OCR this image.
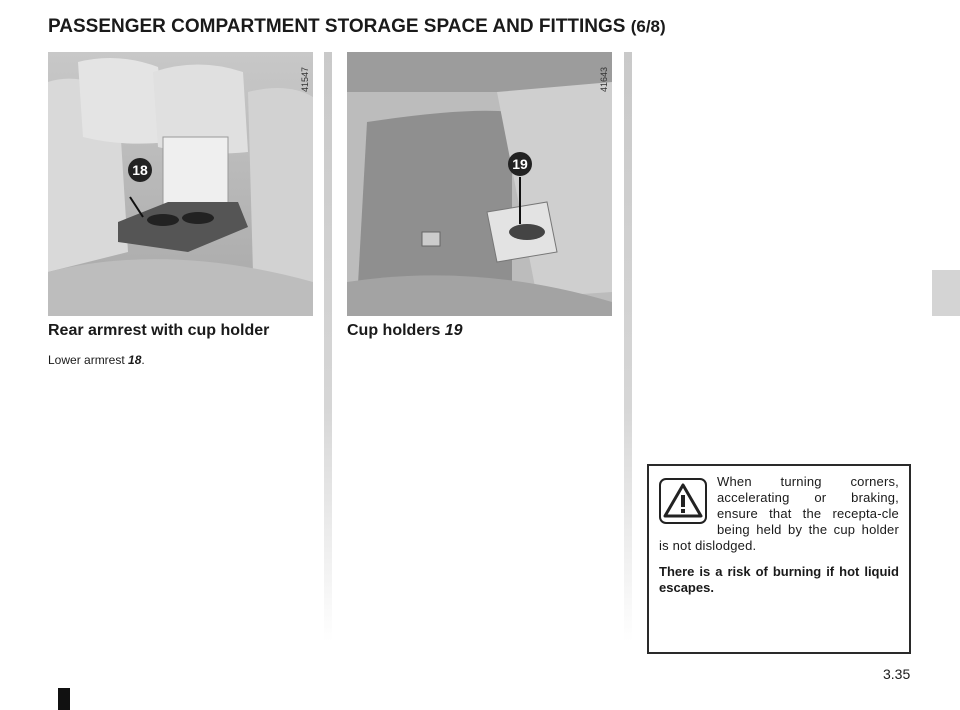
PASSENGER COMPARTMENT STORAGE SPACE AND FITTINGS (6/8)
18
41547
19
41643
Rear armrest with cup holder
Lower armrest 18.
Cup holders 19

When turning corners, accelerating or braking, ensure that the recepta-cle being held by the cup holder is not dislodged.

There is a risk of burning if hot liquid escapes.

3.35
